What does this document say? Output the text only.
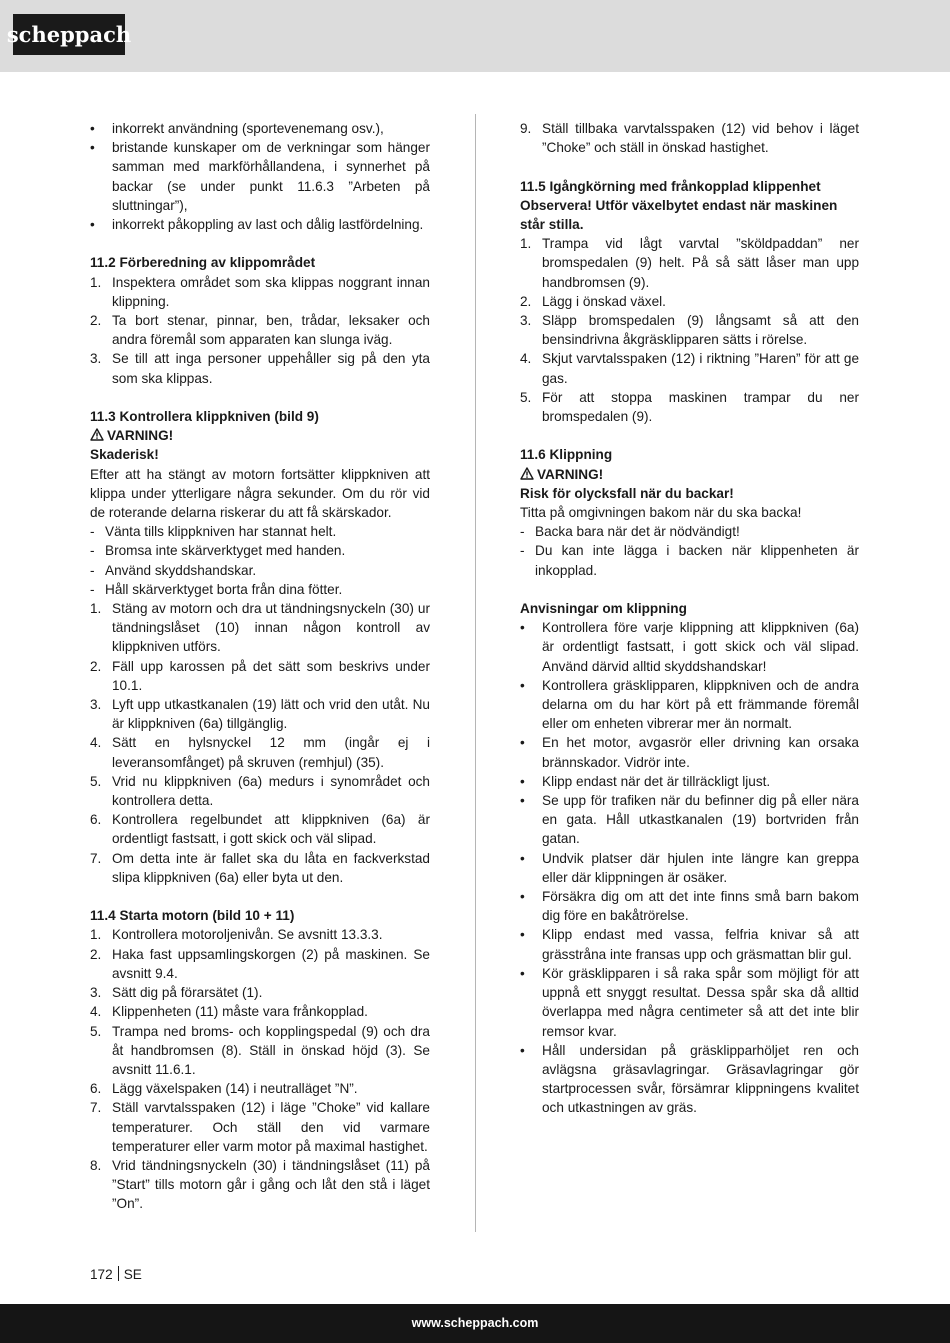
scheppach
• inkorrekt användning (sportevenemang osv.),
• bristande kunskaper om de verkningar som hänger samman med markförhållandena, i synnerhet på backar (se under punkt 11.6.3 ”Arbeten på sluttningar”),
• inkorrekt påkoppling av last och dålig lastfördelning.

11.2 Förberedning av klippområdet

1. Inspektera området som ska klippas noggrant innan klippning.
2. Ta bort stenar, pinnar, ben, trådar, leksaker och andra föremål som apparaten kan slunga iväg.
3. Se till att inga personer uppehåller sig på den yta som ska klippas.

11.3 Kontrollera klippkniven (bild 9)

VARNING!

Skaderisk!

Efter att ha stängt av motorn fortsätter klippkniven att klippa under ytterligare några sekunder. Om du rör vid de roterande delarna riskerar du att få skärskador.

- Vänta tills klippkniven har stannat helt.
- Bromsa inte skärverktyget med handen.
- Använd skyddshandskar.
- Håll skärverktyget borta från dina fötter.
1. Stäng av motorn och dra ut tändningsnyckeln (30) ur tändningslåset (10) innan någon kontroll av klippkniven utförs.
2. Fäll upp karossen på det sätt som beskrivs under 10.1.
3. Lyft upp utkastkanalen (19) lätt och vrid den utåt. Nu är klippkniven (6a) tillgänglig.
4. Sätt en hylsnyckel 12 mm (ingår ej i leveransomfånget) på skruven (remhjul) (35).
5. Vrid nu klippkniven (6a) medurs i synområdet och kontrollera detta.
6. Kontrollera regelbundet att klippkniven (6a) är ordentligt fastsatt, i gott skick och väl slipad.
7. Om detta inte är fallet ska du låta en fackverkstad slipa klippkniven (6a) eller byta ut den.

11.4 Starta motorn (bild 10 + 11)

1. Kontrollera motoroljenivån. Se avsnitt 13.3.3.
2. Haka fast uppsamlingskorgen (2) på maskinen. Se avsnitt 9.4.
3. Sätt dig på förarsätet (1).
4. Klippenheten (11) måste vara frånkopplad.
5. Trampa ned broms- och kopplingspedal (9) och dra åt handbromsen (8). Ställ in önskad höjd (3). Se avsnitt 11.6.1.
6. Lägg växelspaken (14) i neutralläget ”N”.
7. Ställ varvtalsspaken (12) i läge ”Choke” vid kallare temperaturer. Och ställ den vid varmare temperaturer eller varm motor på maximal hastighet.
8. Vrid tändningsnyckeln (30) i tändningslåset (11) på ”Start” tills motorn går i gång och låt den stå i läget ”On”.
9. Ställ tillbaka varvtalsspaken (12) vid behov i läget ”Choke” och ställ in önskad hastighet.

11.5 Igångkörning med frånkopplad klippenhet

Observera! Utför växelbytet endast när maskinen står stilla.

1. Trampa vid lågt varvtal ”sköldpaddan” ner bromspedalen (9) helt. På så sätt låser man upp handbromsen (9).
2. Lägg i önskad växel.
3. Släpp bromspedalen (9) långsamt så att den bensindrivna åkgräsklipparen sätts i rörelse.
4. Skjut varvtalsspaken (12) i riktning ”Haren” för att ge gas.
5. För att stoppa maskinen trampar du ner bromspedalen (9).

11.6 Klippning

VARNING!

Risk för olycksfall när du backar!

Titta på omgivningen bakom när du ska backa!

- Backa bara när det är nödvändigt!
- Du kan inte lägga i backen när klippenheten är inkopplad.

Anvisningar om klippning

• Kontrollera före varje klippning att klippkniven (6a) är ordentligt fastsatt, i gott skick och väl slipad. Använd därvid alltid skyddshandskar!
• Kontrollera gräsklipparen, klippkniven och de andra delarna om du har kört på ett främmande föremål eller om enheten vibrerar mer än normalt.
• En het motor, avgasrör eller drivning kan orsaka brännskador. Vidrör inte.
• Klipp endast när det är tillräckligt ljust.
• Se upp för trafiken när du befinner dig på eller nära en gata. Håll utkastkanalen (19) bortvriden från gatan.
• Undvik platser där hjulen inte längre kan greppa eller där klippningen är osäker.
• Försäkra dig om att det inte finns små barn bakom dig före en bakåtrörelse.
• Klipp endast med vassa, felfria knivar så att grässtråna inte fransas upp och gräsmattan blir gul.
• Kör gräsklipparen i så raka spår som möjligt för att uppnå ett snyggt resultat. Dessa spår ska då alltid överlappa med några centimeter så att det inte blir remsor kvar.
• Håll undersidan på gräsklipparhöljet ren och avlägsna gräsavlagringar. Gräsavlagringar gör startprocessen svår, försämrar klippningens kvalitet och utkastningen av gräs.
172 SE
www.scheppach.com
